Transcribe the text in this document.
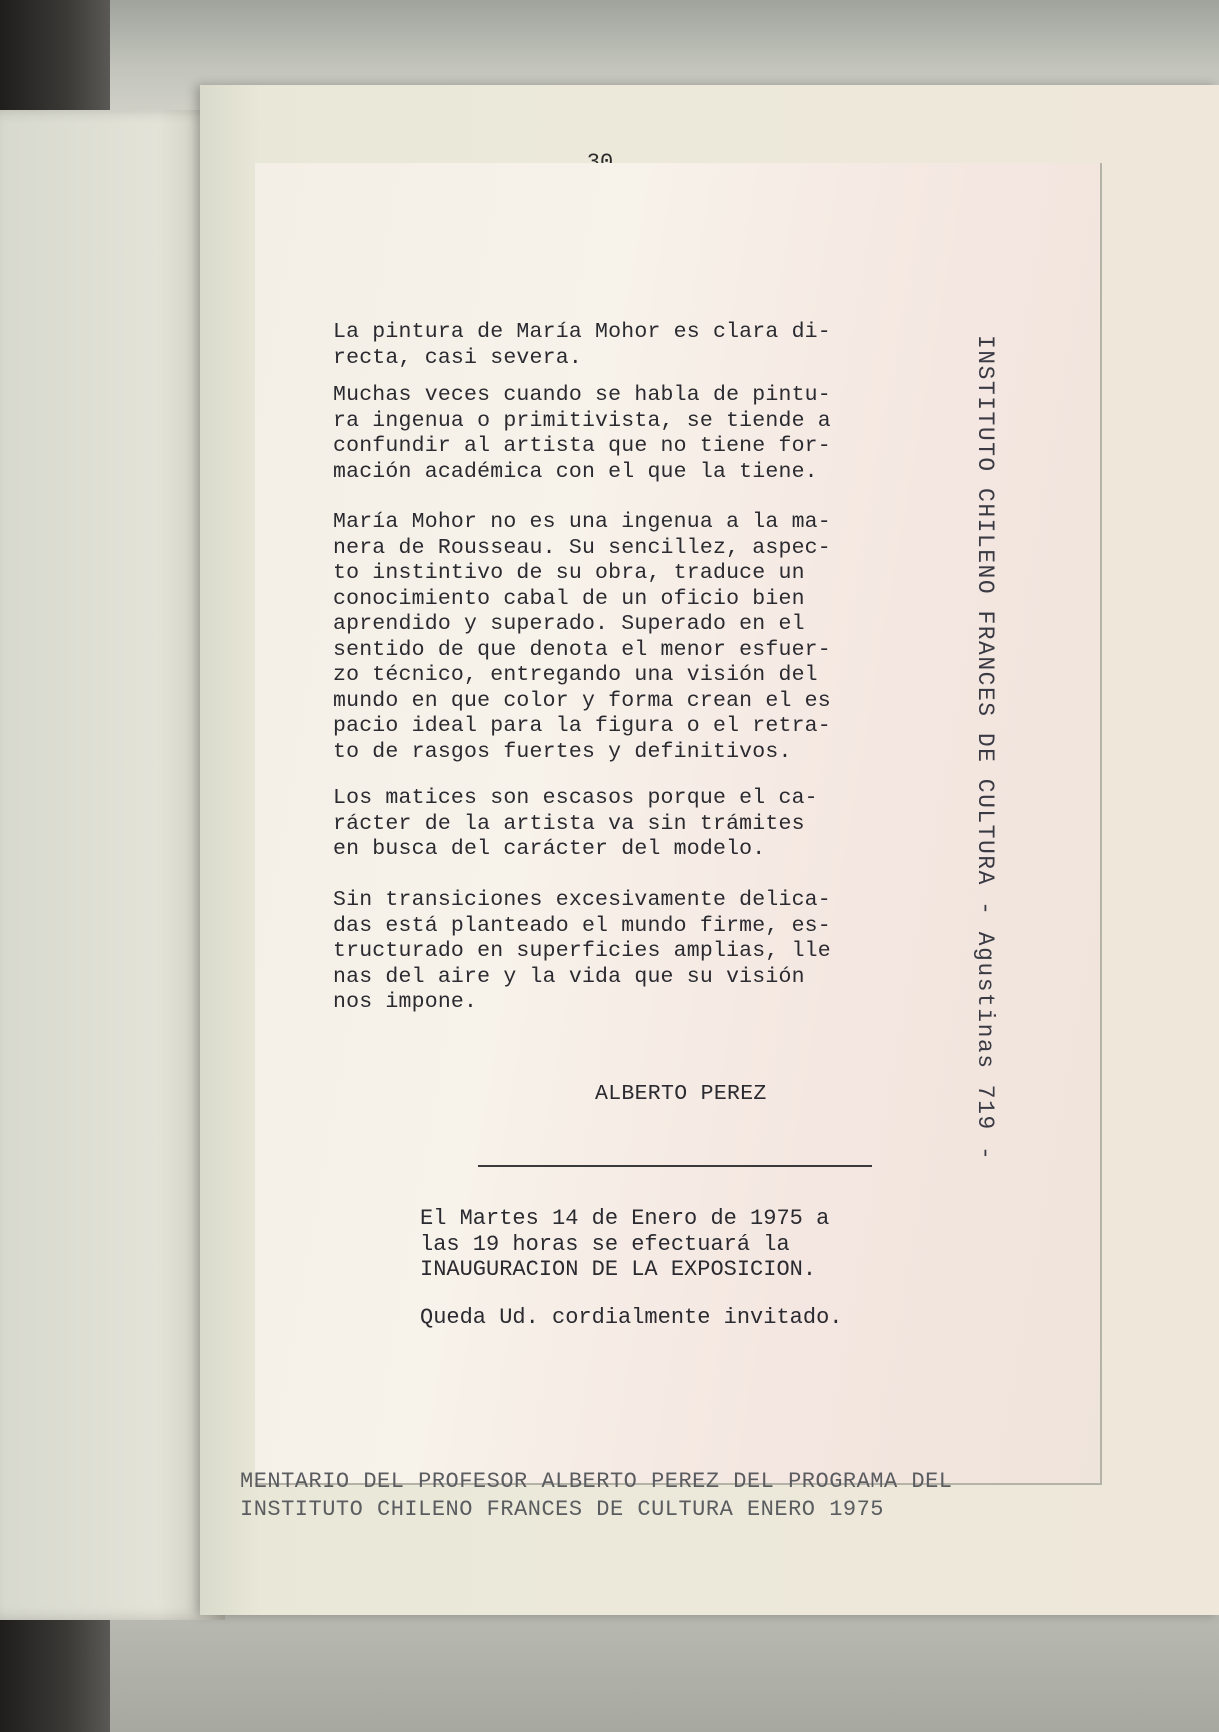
La pintura de María Mohor es clara di-
recta, casi severa.

Muchas veces cuando se habla de pintu-
ra ingenua o primitivista, se tiende a
confundir al artista que no tiene for-
mación académica con el que la tiene.

María Mohor no es una ingenua a la ma-
nera de Rousseau. Su sencillez, aspec-
to instintivo de su obra, traduce un
conocimiento cabal de un oficio bien
aprendido y superado. Superado en el
sentido de que denota el menor esfuer-
zo técnico, entregando una visión del
mundo en que color y forma crean el es
pacio ideal para la figura o el retra-
to de rasgos fuertes y definitivos.

Los matices son escasos porque el ca-
rácter de la artista va sin trámites
en busca del carácter del modelo.

Sin transiciones excesivamente delica-
das está planteado el mundo firme, es-
tructurado en superficies amplias, lle
nas del aire y la vida que su visión
nos impone.

ALBERTO PEREZ

El Martes 14 de Enero de 1975 a
las 19 horas se efectuará la
INAUGURACION DE LA EXPOSICION.

Queda Ud. cordialmente invitado.

INSTITUTO CHILENO FRANCES DE CULTURA - Agustinas 719 -
MENTARIO DEL PROFESOR ALBERTO PEREZ DEL PROGRAMA DEL
INSTITUTO CHILENO FRANCES DE CULTURA ENERO 1975
